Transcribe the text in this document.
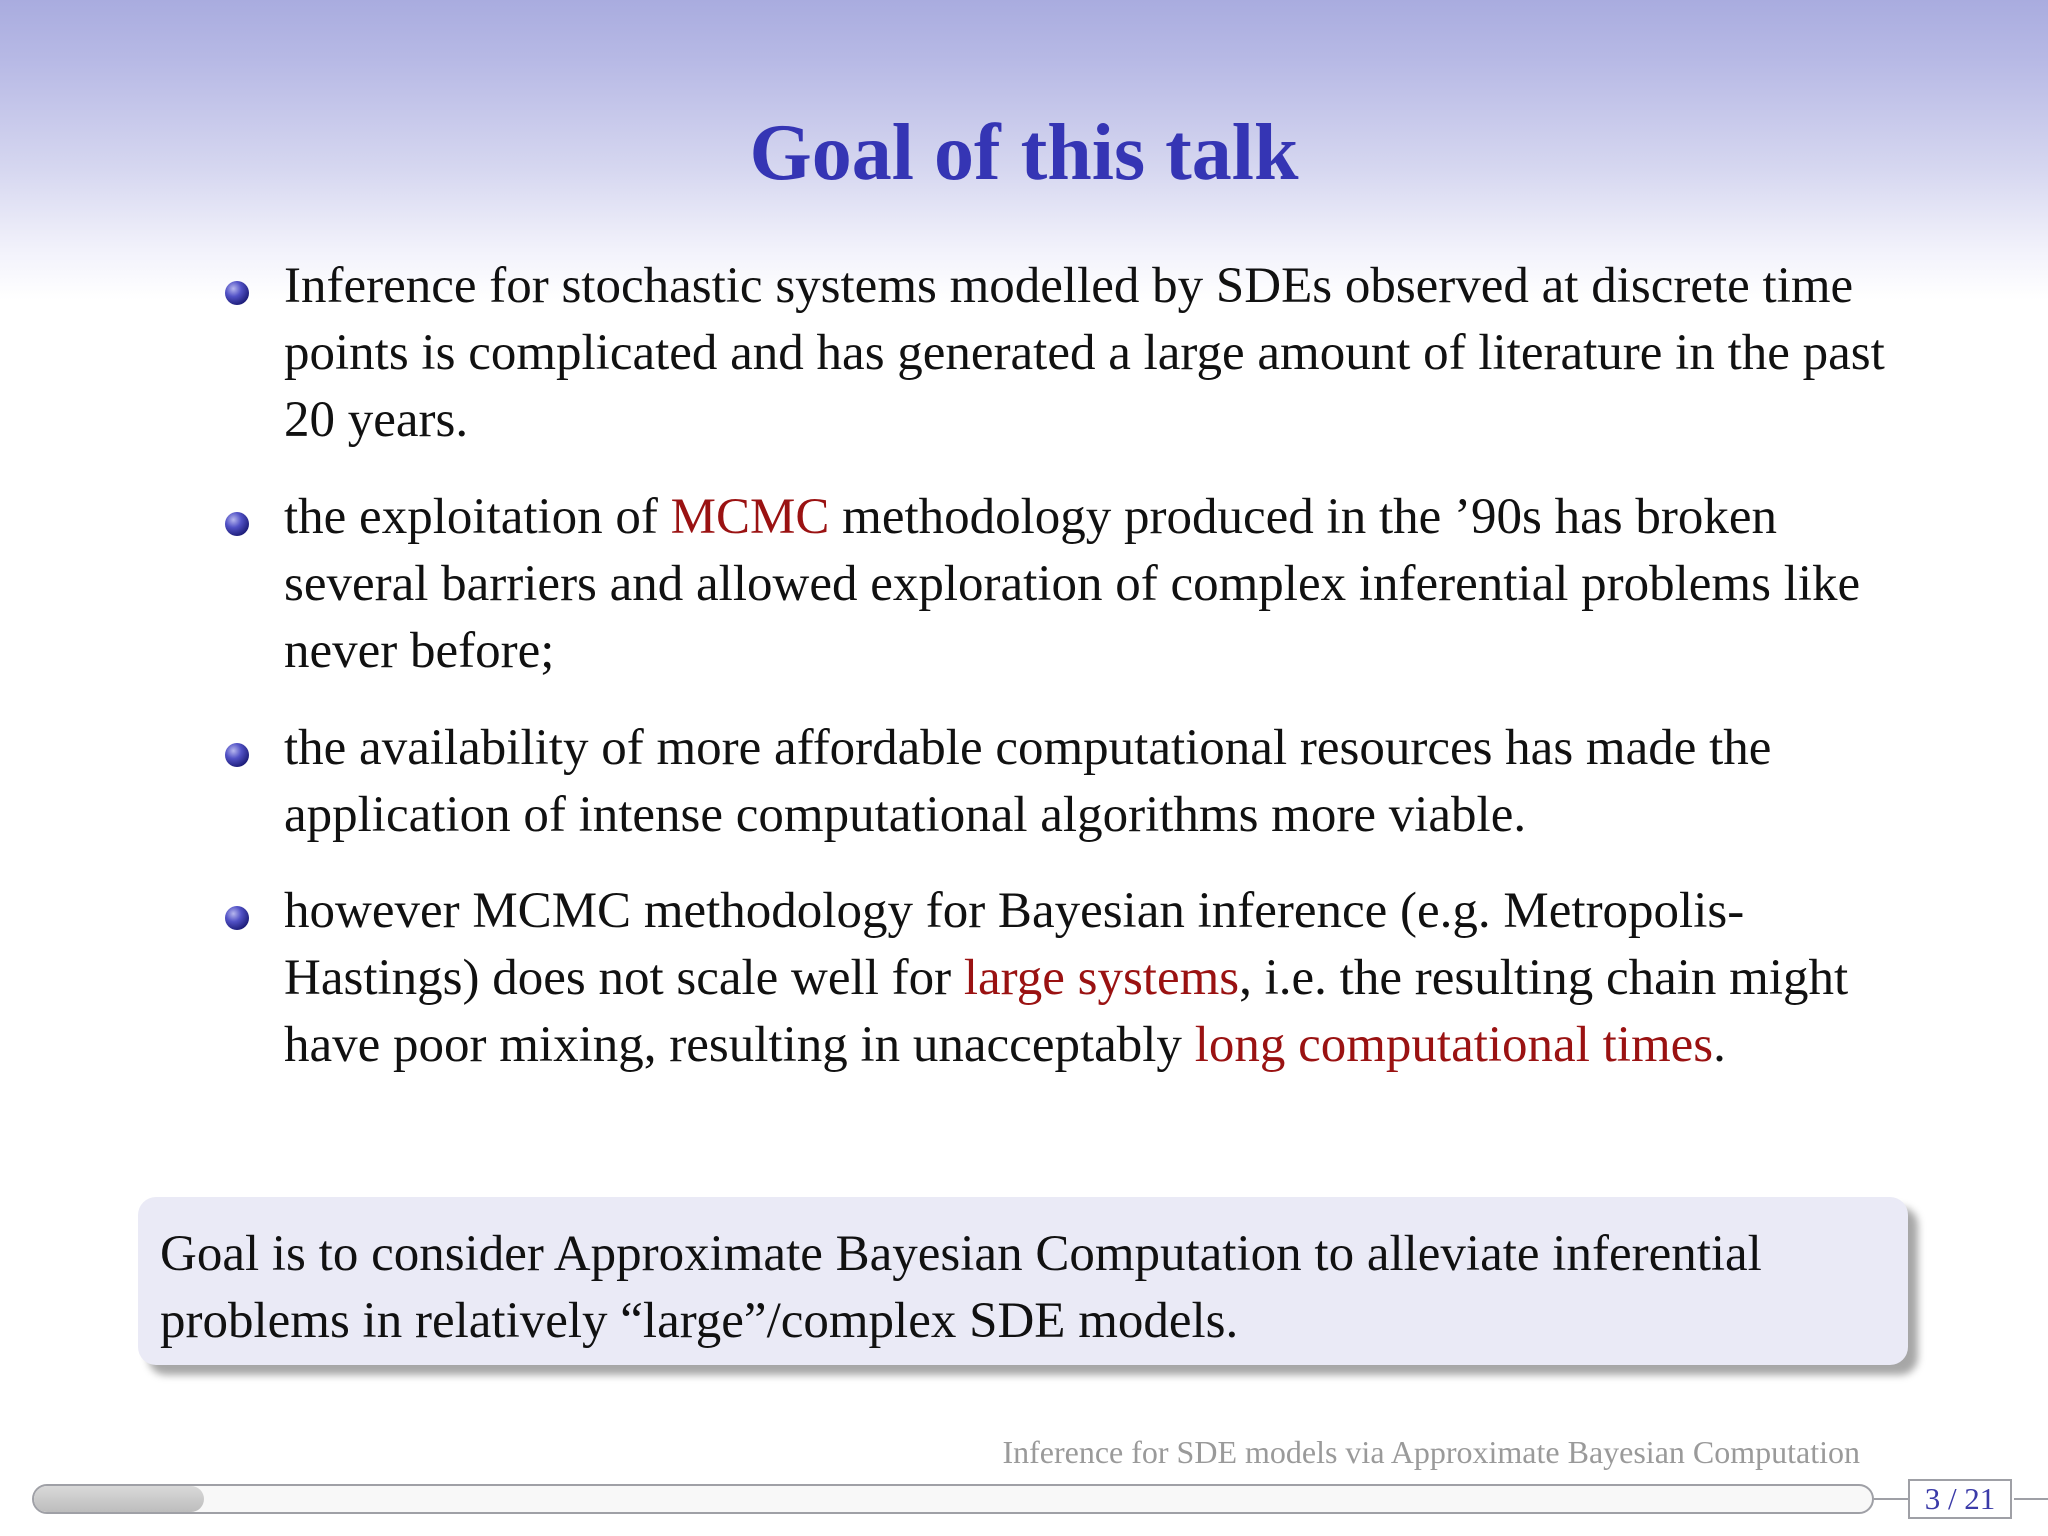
Goal of this talk
Inference for stochastic systems modelled by SDEs observed at discrete time points is complicated and has generated a large amount of literature in the past 20 years.
the exploitation of MCMC methodology produced in the ’90s has broken several barriers and allowed exploration of complex inferential problems like never before;
the availability of more affordable computational resources has made the application of intense computational algorithms more viable.
however MCMC methodology for Bayesian inference (e.g. Metropolis-Hastings) does not scale well for large systems, i.e. the resulting chain might have poor mixing, resulting in unacceptably long computational times.
Goal is to consider Approximate Bayesian Computation to alleviate inferential problems in relatively “large”/complex SDE models.
Inference for SDE models via Approximate Bayesian Computation
3 / 21
